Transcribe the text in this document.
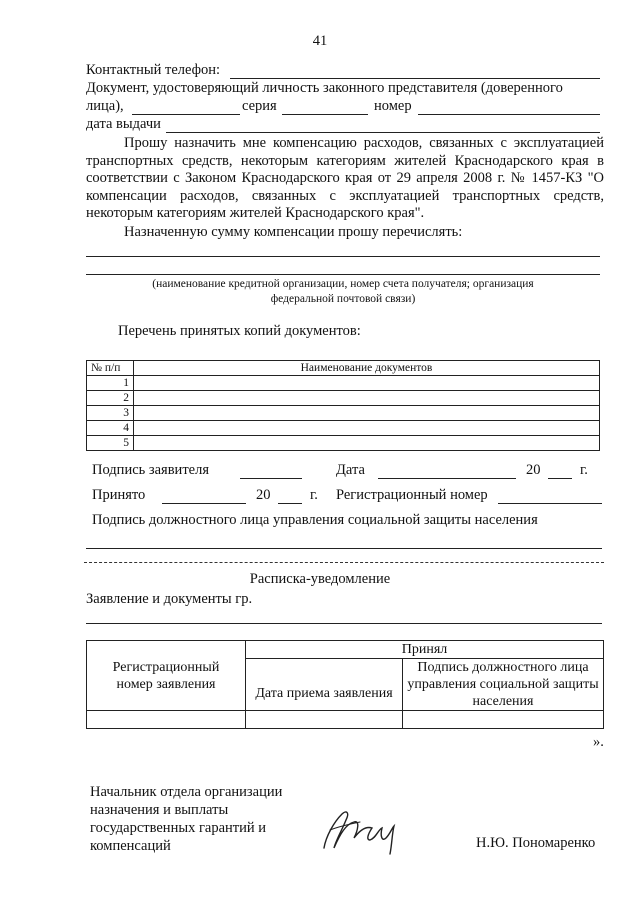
41
Контактный телефон:
Документ, удостоверяющий личность законного представителя (доверенного
лица),	серия	номер
дата выдачи
Прошу назначить мне компенсацию расходов, связанных с эксплуатацией транспортных средств, некоторым категориям жителей Краснодарского края в соответствии с Законом Краснодарского края от 29 апреля 2008 г. № 1457-КЗ "О компенсации расходов, связанных с эксплуатацией транспортных средств, некоторым категориям жителей Краснодарского края".
Назначенную сумму компенсации прошу перечислять:
(наименование кредитной организации, номер счета получателя; организация
федеральной почтовой связи)
Перечень принятых копий документов:
№ п/п	Наименование документов
1	
2	
3	
4	
5	
Подпись заявителя	Дата	20	г.
Принято	20	г. Регистрационный номер
Подпись должностного лица управления социальной защиты населения
Расписка-уведомление
Заявление и документы гр.
Регистрационный номер заявления	Принял	
	Дата приема заявления	Подпись должностного лица управления социальной защиты населения

».
Начальник отдела организации
назначения и выплаты
государственных гарантий и
компенсаций	Н.Ю. Пономаренко
